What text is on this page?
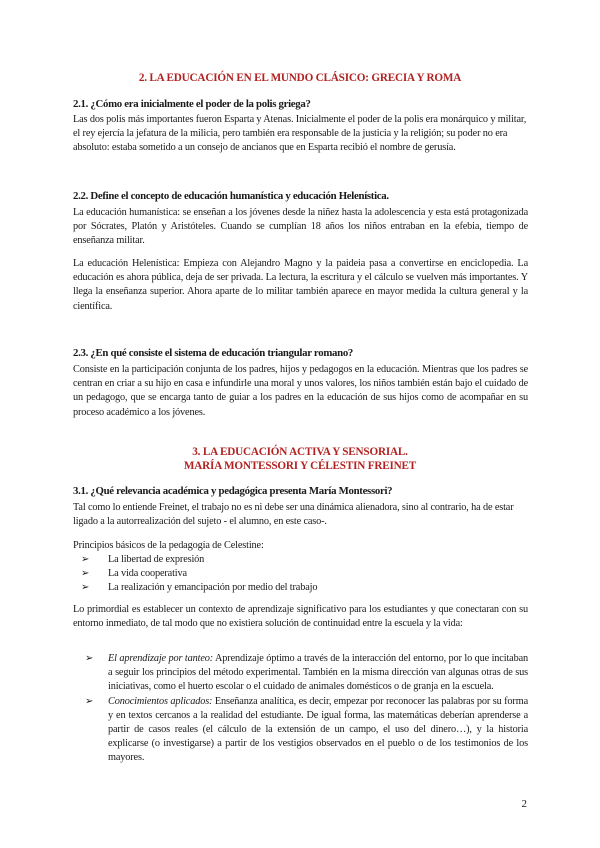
2. LA EDUCACIÓN EN EL MUNDO CLÁSICO: GRECIA Y ROMA
2.1. ¿Cómo era inicialmente el poder de la polis griega?

Las dos polis más importantes fueron Esparta y Atenas. Inicialmente el poder de la polis era monárquico y militar, el rey ejercía la jefatura de la milicia, pero también era responsable de la justicia y la religión; su poder no era absoluto: estaba sometido a un consejo de ancianos que en Esparta recibió el nombre de gerusía.

2.2. Define el concepto de educación humanística y educación Helenística.

La educación humanística: se enseñan a los jóvenes desde la niñez hasta la adolescencia y esta está protagonizada por Sócrates, Platón y Aristóteles. Cuando se cumplían 18 años los niños entraban en la efebia, tiempo de enseñanza militar.

La educación Helenística: Empieza con Alejandro Magno y la paideia pasa a convertirse en enciclopedia. La educación es ahora pública, deja de ser privada. La lectura, la escritura y el cálculo se vuelven más importantes. Y llega la enseñanza superior. Ahora aparte de lo militar también aparece en mayor medida la cultura general y la científica.

2.3. ¿En qué consiste el sistema de educación triangular romano?

Consiste en la participación conjunta de los padres, hijos y pedagogos en la educación. Mientras que los padres se centran en criar a su hijo en casa e infundirle una moral y unos valores, los niños también están bajo el cuidado de un pedagogo, que se encarga tanto de guiar a los padres en la educación de sus hijos como de acompañar en su proceso académico a los jóvenes.

3. LA EDUCACIÓN ACTIVA Y SENSORIAL.
MARÍA MONTESSORI Y CÉLESTIN FREINET
3.1. ¿Qué relevancia académica y pedagógica presenta María Montessori?

Tal como lo entiende Freinet, el trabajo no es ni debe ser una dinámica alienadora, sino al contrario, ha de estar ligado a la autorrealización del sujeto - el alumno, en este caso-.

Principios básicos de la pedagogía de Celestine:

➢ La libertad de expresión
➢ La vida cooperativa
➢ La realización y emancipación por medio del trabajo

Lo primordial es establecer un contexto de aprendizaje significativo para los estudiantes y que conectaran con su entorno inmediato, de tal modo que no existiera solución de continuidad entre la escuela y la vida:

➢ El aprendizaje por tanteo: Aprendizaje óptimo a través de la interacción del entorno, por lo que incitaban a seguir los principios del método experimental. También en la misma dirección van algunas otras de sus iniciativas, como el huerto escolar o el cuidado de animales domésticos o de granja en la escuela.
➢ Conocimientos aplicados: Enseñanza analítica, es decir, empezar por reconocer las palabras por su forma y en textos cercanos a la realidad del estudiante. De igual forma, las matemáticas deberían aprenderse a partir de casos reales (el cálculo de la extensión de un campo, el uso del dinero…), y la historia explicarse (o investigarse) a partir de los vestigios observados en el pueblo o de los testimonios de los mayores.
2
